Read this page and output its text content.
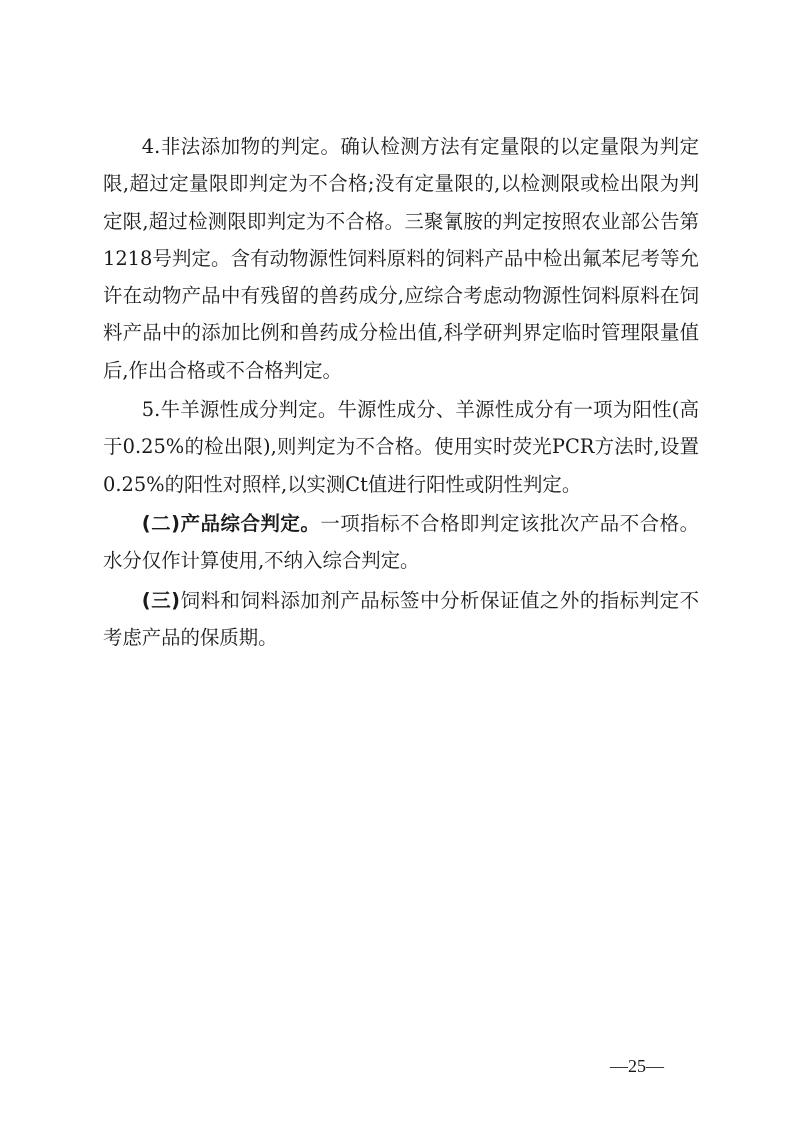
4.非法添加物的判定。确认检测方法有定量限的以定量限为判定限,超过定量限即判定为不合格;没有定量限的,以检测限或检出限为判定限,超过检测限即判定为不合格。三聚氰胺的判定按照农业部公告第1218号判定。含有动物源性饲料原料的饲料产品中检出氟苯尼考等允许在动物产品中有残留的兽药成分,应综合考虑动物源性饲料原料在饲料产品中的添加比例和兽药成分检出值,科学研判界定临时管理限量值后,作出合格或不合格判定。

5.牛羊源性成分判定。牛源性成分、羊源性成分有一项为阳性(高于0.25%的检出限),则判定为不合格。使用实时荧光PCR方法时,设置0.25%的阳性对照样,以实测Ct值进行阳性或阴性判定。

(二)产品综合判定。一项指标不合格即判定该批次产品不合格。水分仅作计算使用,不纳入综合判定。

(三)饲料和饲料添加剂产品标签中分析保证值之外的指标判定不考虑产品的保质期。

—25—
